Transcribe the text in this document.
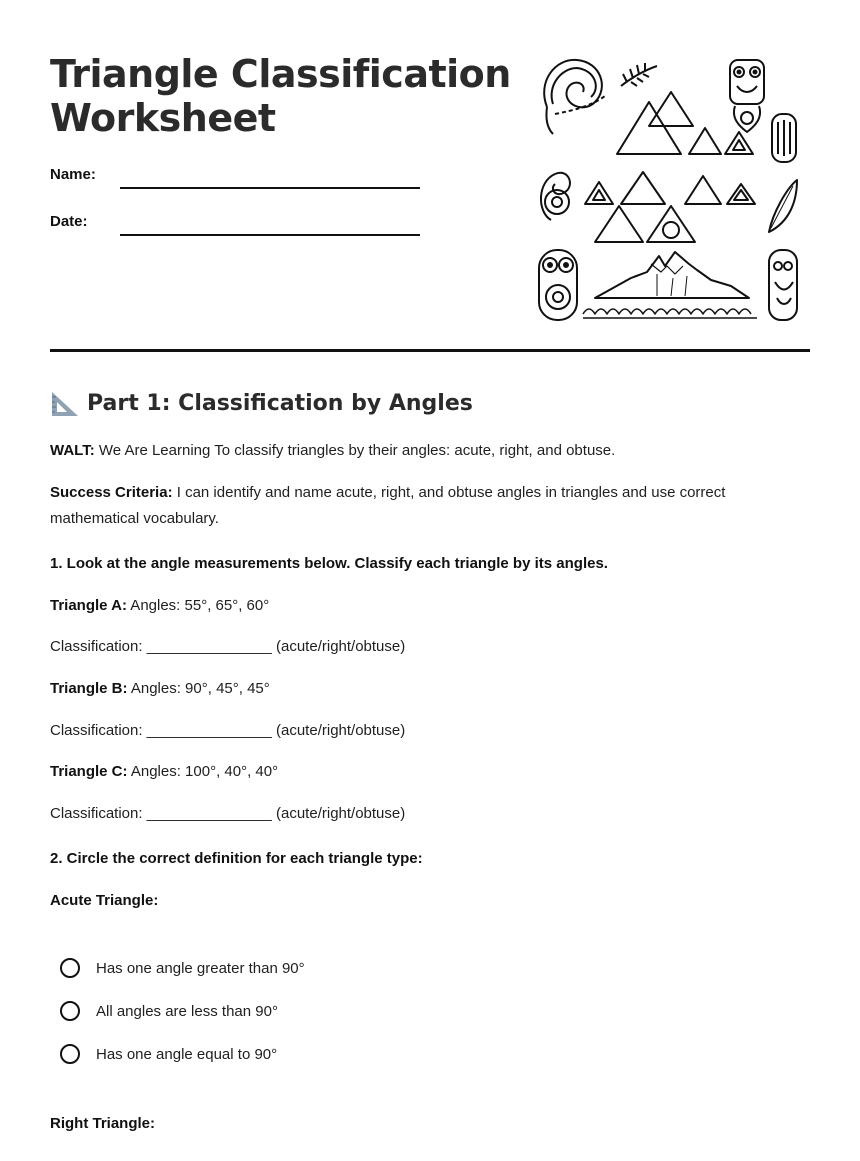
Triangle Classification
Worksheet
Name:
Date:
Part 1: Classification by Angles

WALT: We Are Learning To classify triangles by their angles: acute, right, and obtuse.

Success Criteria: I can identify and name acute, right, and obtuse angles in triangles and use correct mathematical vocabulary.

1. Look at the angle measurements below. Classify each triangle by its angles.

Triangle A: Angles: 55°, 65°, 60°

Classification: _______________ (acute/right/obtuse)

Triangle B: Angles: 90°, 45°, 45°

Classification: _______________ (acute/right/obtuse)

Triangle C: Angles: 100°, 40°, 40°

Classification: _______________ (acute/right/obtuse)

2. Circle the correct definition for each triangle type:

Acute Triangle:

Has one angle greater than 90°
All angles are less than 90°
Has one angle equal to 90°

Right Triangle:
